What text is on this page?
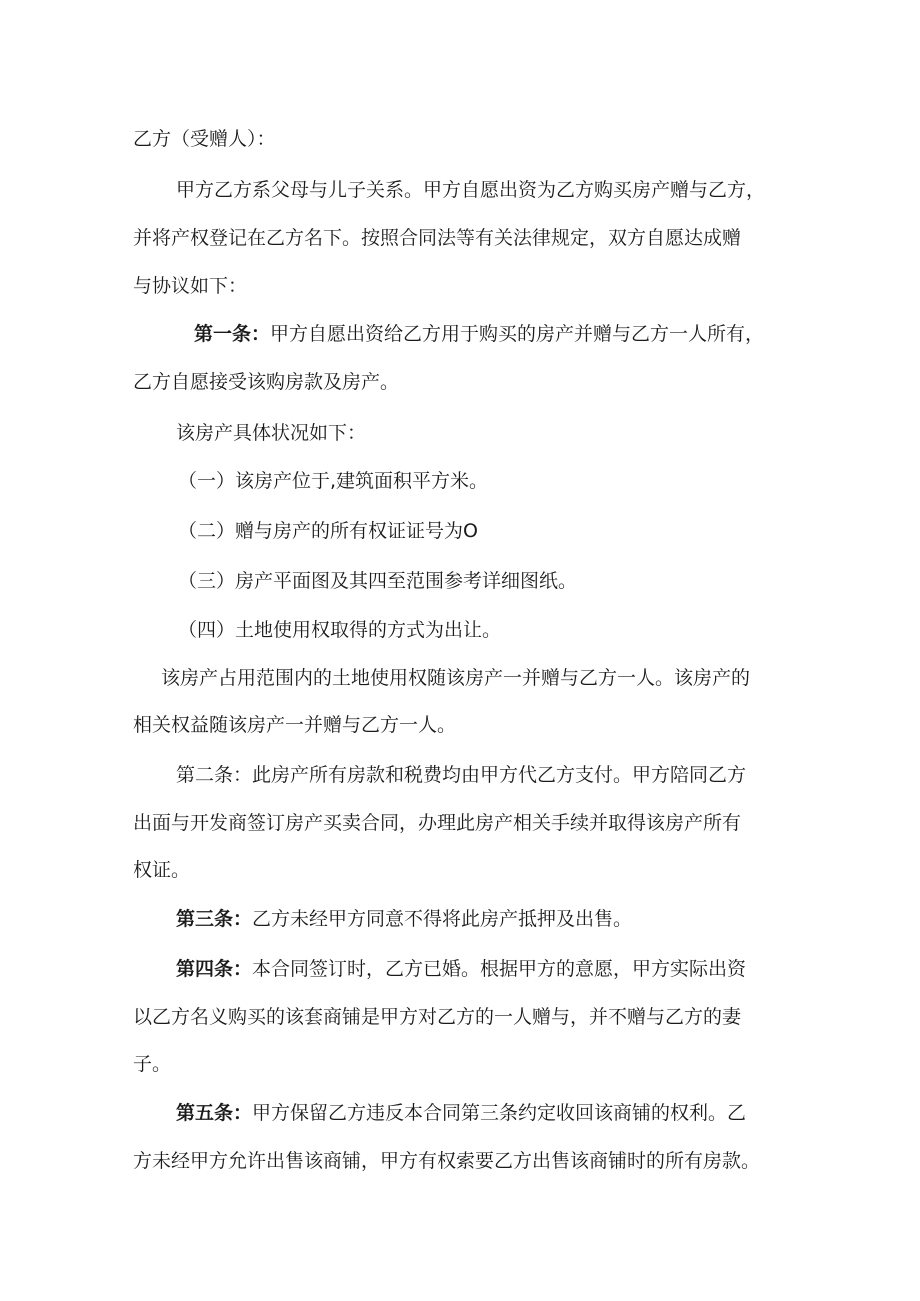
乙方（受赠人）：

甲方乙方系父母与儿子关系。甲方自愿出资为乙方购买房产赠与乙方，

并将产权登记在乙方名下。按照合同法等有关法律规定，双方自愿达成赠

与协议如下：

第一条：甲方自愿出资给乙方用于购买的房产并赠与乙方一人所有，

乙方自愿接受该购房款及房产。

该房产具体状况如下：

（一）该房产位于,建筑面积平方米。

（二）赠与房产的所有权证证号为O

（三）房产平面图及其四至范围参考详细图纸。

（四）土地使用权取得的方式为出让。

该房产占用范围内的土地使用权随该房产一并赠与乙方一人。该房产的

相关权益随该房产一并赠与乙方一人。

第二条：此房产所有房款和税费均由甲方代乙方支付。甲方陪同乙方

出面与开发商签订房产买卖合同，办理此房产相关手续并取得该房产所有

权证。

第三条：乙方未经甲方同意不得将此房产抵押及出售。

第四条：本合同签订时，乙方已婚。根据甲方的意愿，甲方实际出资

以乙方名义购买的该套商铺是甲方对乙方的一人赠与，并不赠与乙方的妻

子。

第五条：甲方保留乙方违反本合同第三条约定收回该商铺的权利。乙

方未经甲方允许出售该商铺，甲方有权索要乙方出售该商铺时的所有房款。
